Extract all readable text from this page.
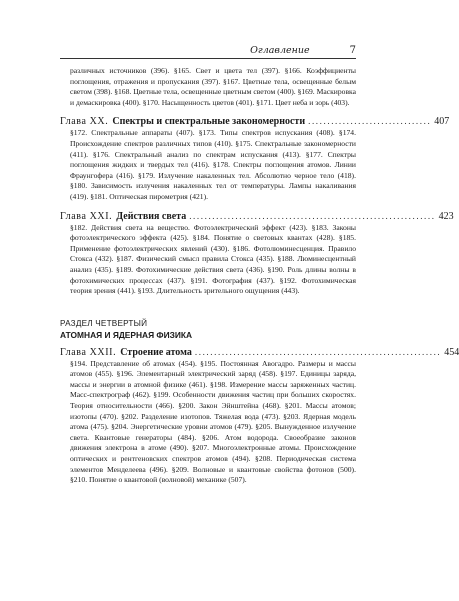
Оглавление	7

различных источников (396). §165. Свет и цвета тел (397). §166. Коэффициенты поглощения, отражения и пропускания (397). §167. Цветные тела, освещенные белым светом (398). §168. Цветные тела, освещенные цветным светом (400). §169. Маскировка и демаскировка (400). §170. Насыщенность цветов (401). §171. Цвет неба и зорь (403).

Глава XX. Спектры и спектральные закономерности ................................ 407

§172. Спектральные аппараты (407). §173. Типы спектров испускания (408). §174. Происхождение спектров различных типов (410). §175. Спектральные закономерности (411). §176. Спектральный анализ по спектрам испускания (413). §177. Спектры поглощения жидких и твердых тел (416). §178. Спектры поглощения атомов. Линии Фраунгофера (416). §179. Излучение накаленных тел. Абсолютно черное тело (418). §180. Зависимость излучения накаленных тел от температуры. Лампы накаливания (419). §181. Оптическая пирометрия (421).

Глава XXI. Действия света ................................................................ 423

§182. Действия света на вещество. Фотоэлектрический эффект (423). §183. Законы фотоэлектрического эффекта (425). §184. Понятие о световых квантах (428). §185. Применение фотоэлектрических явлений (430). §186. Фотолюминесценция. Правило Стокса (432). §187. Физический смысл правила Стокса (435). §188. Люминесцентный анализ (435). §189. Фотохимические действия света (436). §190. Роль длины волны в фотохимических процессах (437). §191. Фотография (437). §192. Фотохимическая теория зрения (441). §193. Длительность зрительного ощущения (443).

РАЗДЕЛ ЧЕТВЕРТЫЙ

АТОМНАЯ И ЯДЕРНАЯ ФИЗИКА

Глава XXII. Строение атома ................................................................ 454

§194. Представление об атомах (454). §195. Постоянная Авогадро. Размеры и массы атомов (455). §196. Элементарный электрический заряд (458). §197. Единицы заряда, массы и энергии в атомной физике (461). §198. Измерение массы заряженных частиц. Масс-спектрограф (462). §199. Особенности движения частиц при больших скоростях. Теория относительности (466). §200. Закон Эйнштейна (468). §201. Массы атомов; изотопы (470). §202. Разделение изотопов. Тяжелая вода (473). §203. Ядерная модель атома (475). §204. Энергетические уровни атомов (479). §205. Вынужденное излучение света. Квантовые генераторы (484). §206. Атом водорода. Своеобразие законов движения электрона в атоме (490). §207. Многоэлектронные атомы. Происхождение оптических и рентгеновских спектров атомов (494). §208. Периодическая система элементов Менделеева (496). §209. Волновые и квантовые свойства фотонов (500). §210. Понятие о квантовой (волновой) механике (507).
